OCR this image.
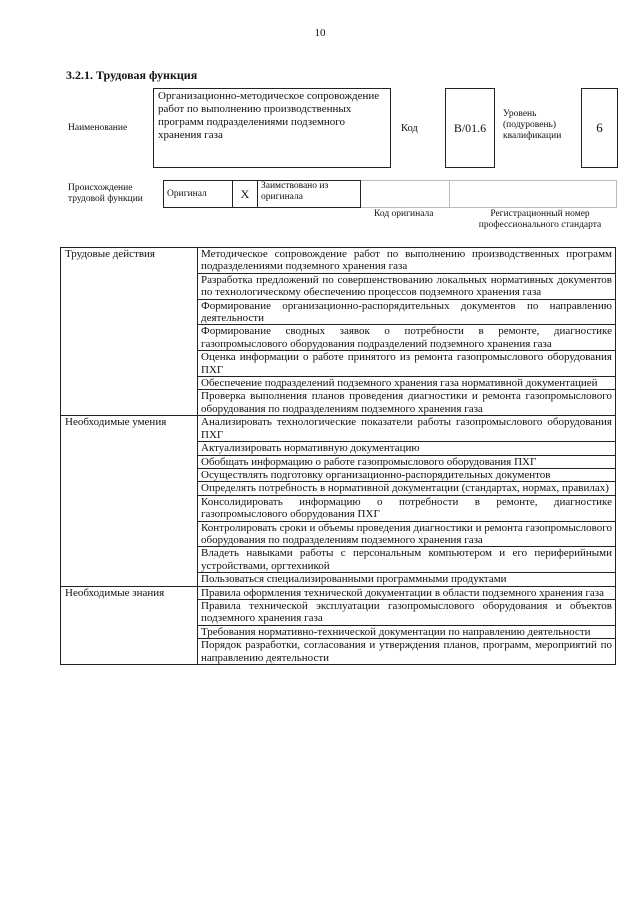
10
3.2.1. Трудовая функция
Наименование
Организационно-методическое сопровождение работ по выполнению производственных программ подразделениями подземного хранения газа
Код	В/01.6
Уровень (подуровень) квалификации
6
Происхождение трудовой функции
Оригинал	X	Заимствовано из оригинала		
Код оригинала	Регистрационный номер профессионального стандарта
Трудовые действия	Методическое сопровождение работ по выполнению производственных программ подразделениями подземного хранения газа
	Разработка предложений по совершенствованию локальных нормативных документов по технологическому обеспечению процессов подземного хранения газа
	Формирование организационно-распорядительных документов по направлению деятельности
	Формирование сводных заявок о потребности в ремонте, диагностике газопромыслового оборудования подразделений подземного хранения газа
	Оценка информации о работе принятого из ремонта газопромыслового оборудования ПХГ
	Обеспечение подразделений подземного хранения газа нормативной документацией
	Проверка выполнения планов проведения диагностики и ремонта газопромыслового оборудования по подразделениям подземного хранения газа
Необходимые умения	Анализировать технологические показатели работы газопромыслового оборудования ПХГ
	Актуализировать нормативную документацию
	Обобщать информацию о работе газопромыслового оборудования ПХГ
	Осуществлять подготовку организационно-распорядительных документов
	Определять потребность в нормативной документации (стандартах, нормах, правилах)
	Консолидировать информацию о потребности в ремонте, диагностике газопромыслового оборудования ПХГ
	Контролировать сроки и объемы проведения диагностики и ремонта газопромыслового оборудования по подразделениям подземного хранения газа
	Владеть навыками работы с персональным компьютером и его периферийными устройствами, оргтехникой
	Пользоваться специализированными программными продуктами
Необходимые знания	Правила оформления технической документации в области подземного хранения газа
	Правила технической эксплуатации газопромыслового оборудования и объектов подземного хранения газа
	Требования нормативно-технической документации по направлению деятельности
	Порядок разработки, согласования и утверждения планов, программ, мероприятий по направлению деятельности
